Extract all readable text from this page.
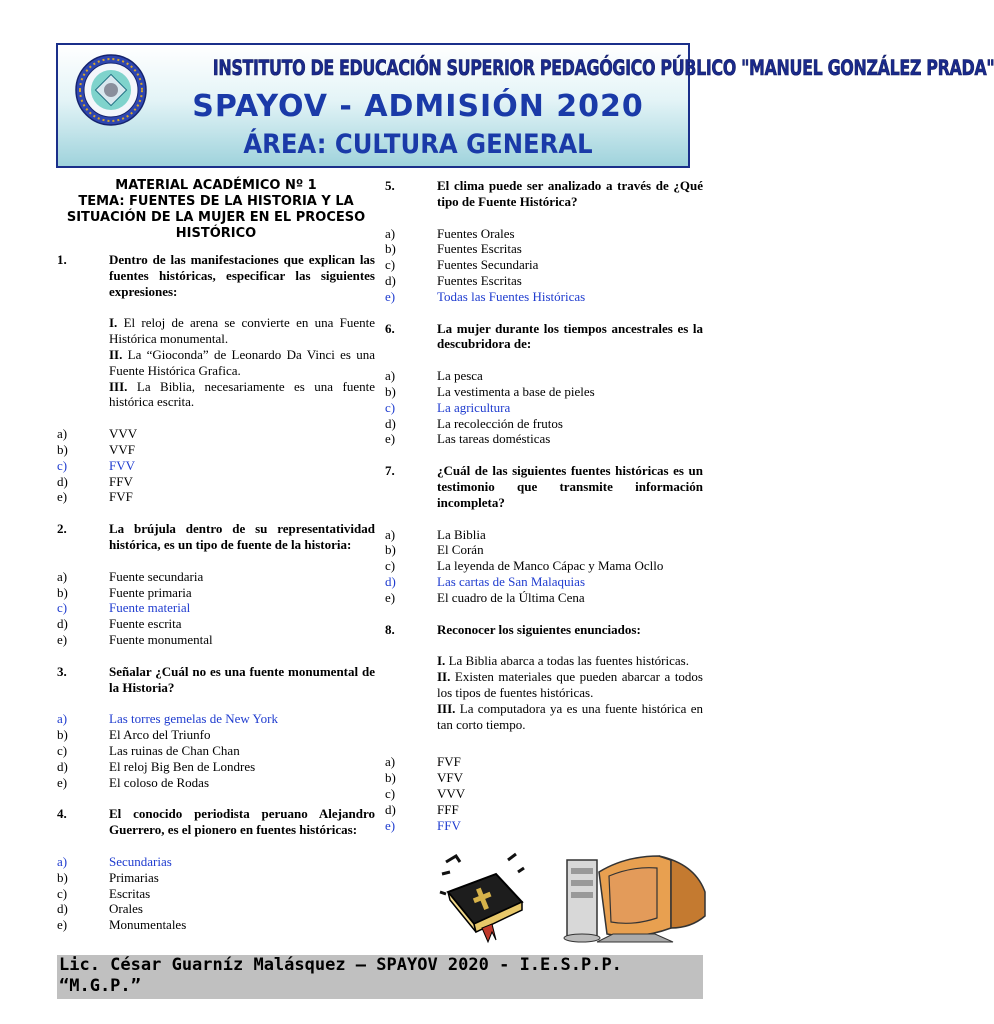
INSTITUTO DE EDUCACIÓN SUPERIOR PEDAGÓGICO PÚBLICO "MANUEL GONZÁLEZ PRADA"
SPAYOV - ADMISIÓN 2020
ÁREA: CULTURA GENERAL
MATERIAL ACADÉMICO Nº 1
TEMA: FUENTES DE LA HISTORIA Y LA SITUACIÓN DE LA MUJER EN EL PROCESO HISTÓRICO
1.	Dentro de las manifestaciones que explican las fuentes históricas, especificar las siguientes expresiones:
I. El reloj de arena se convierte en una Fuente Histórica monumental.
II. La “Gioconda” de Leonardo Da Vinci es una Fuente Histórica Grafica.
III. La Biblia, necesariamente es una fuente histórica escrita.
a)	VVV
b)	VVF
c)	FVV
d)	FFV
e)	FVF
2.	La brújula dentro de su representatividad histórica, es un tipo de fuente de la historia:
a)	Fuente secundaria
b)	Fuente primaria
c)	Fuente material
d)	Fuente escrita
e)	Fuente monumental
3.	Señalar ¿Cuál no es una fuente monumental de la Historia?
a)	Las torres gemelas de New York
b)	El Arco del Triunfo
c)	Las ruinas de Chan Chan
d)	El reloj Big Ben de Londres
e)	El coloso de Rodas
4.	El conocido periodista peruano Alejandro Guerrero, es el pionero en fuentes históricas:
a)	Secundarias
b)	Primarias
c)	Escritas
d)	Orales
e)	Monumentales
5.	El clima puede ser analizado a través de ¿Qué tipo de Fuente Histórica?
a)	Fuentes Orales
b)	Fuentes Escritas
c)	Fuentes Secundaria
d)	Fuentes Escritas
e)	Todas las Fuentes Históricas
6.	La mujer durante los tiempos ancestrales es la descubridora de:
a)	La pesca
b)	La vestimenta a base de pieles
c)	La agricultura
d)	La recolección de frutos
e)	Las tareas domésticas
7.	¿Cuál de las siguientes fuentes históricas es un testimonio que transmite información incompleta?
a)	La Biblia
b)	El Corán
c)	La leyenda de Manco Cápac y Mama Ocllo
d)	Las cartas de San Malaquias
e)	El cuadro de la Última Cena
8.	Reconocer los siguientes enunciados:
I. La Biblia abarca a todas las fuentes históricas.
II. Existen materiales que pueden abarcar a todos los tipos de fuentes históricas.
III. La computadora ya es una fuente histórica en tan corto tiempo.
a)	FVF
b)	VFV
c)	VVV
d)	FFF
e)	FFV
Lic. César Guarníz Malásquez – SPAYOV 2020 - I.E.S.P.P. “M.G.P.”
